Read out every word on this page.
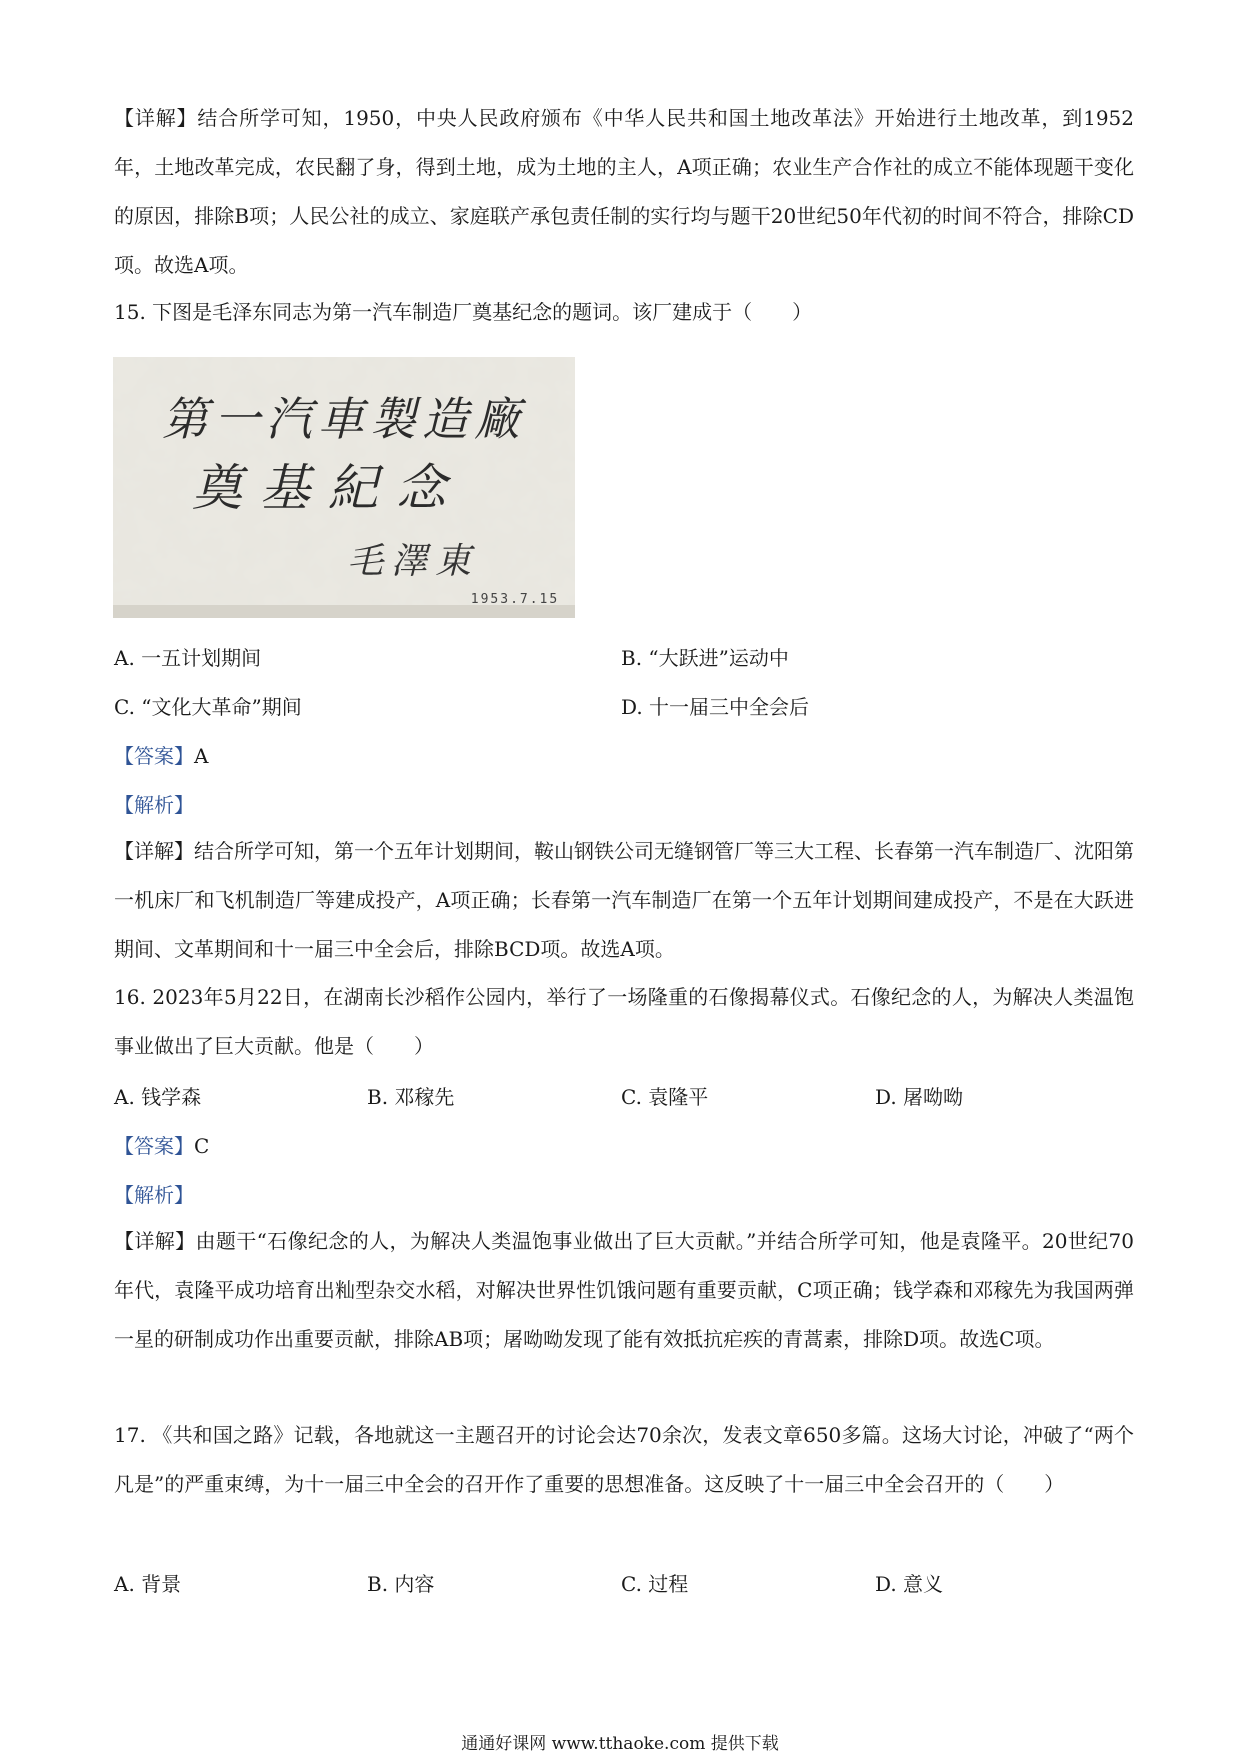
【详解】结合所学可知，1950，中央人民政府颁布《中华人民共和国土地改革法》开始进行土地改革，到1952年，土地改革完成，农民翻了身，得到土地，成为土地的主人，A项正确；农业生产合作社的成立不能体现题干变化的原因，排除B项；人民公社的成立、家庭联产承包责任制的实行均与题干20世纪50年代初的时间不符合，排除CD项。故选A项。

15. 下图是毛泽东同志为第一汽车制造厂奠基纪念的题词。该厂建成于（　　）

第一汽車製造廠
奠基紀念
毛澤東
1953.7.15
A. 一五计划期间	B. “大跃进”运动中
C. “文化大革命”期间	D. 十一届三中全会后

【答案】A

【解析】

【详解】结合所学可知，第一个五年计划期间，鞍山钢铁公司无缝钢管厂等三大工程、长春第一汽车制造厂、沈阳第一机床厂和飞机制造厂等建成投产，A项正确；长春第一汽车制造厂在第一个五年计划期间建成投产，不是在大跃进期间、文革期间和十一届三中全会后，排除BCD项。故选A项。

16. 2023年5月22日，在湖南长沙稻作公园内，举行了一场隆重的石像揭幕仪式。石像纪念的人，为解决人类温饱事业做出了巨大贡献。他是（　　）

A. 钱学森	B. 邓稼先	C. 袁隆平	D. 屠呦呦

【答案】C

【解析】

【详解】由题干“石像纪念的人，为解决人类温饱事业做出了巨大贡献。”并结合所学可知，他是袁隆平。20世纪70年代，袁隆平成功培育出籼型杂交水稻，对解决世界性饥饿问题有重要贡献，C项正确；钱学森和邓稼先为我国两弹一星的研制成功作出重要贡献，排除AB项；屠呦呦发现了能有效抵抗疟疾的青蒿素，排除D项。故选C项。

17. 《共和国之路》记载，各地就这一主题召开的讨论会达70余次，发表文章650多篇。这场大讨论，冲破了“两个凡是”的严重束缚，为十一届三中全会的召开作了重要的思想准备。这反映了十一届三中全会召开的（　　）

A. 背景	B. 内容	C. 过程	D. 意义
通通好课网 www.tthaoke.com 提供下载
